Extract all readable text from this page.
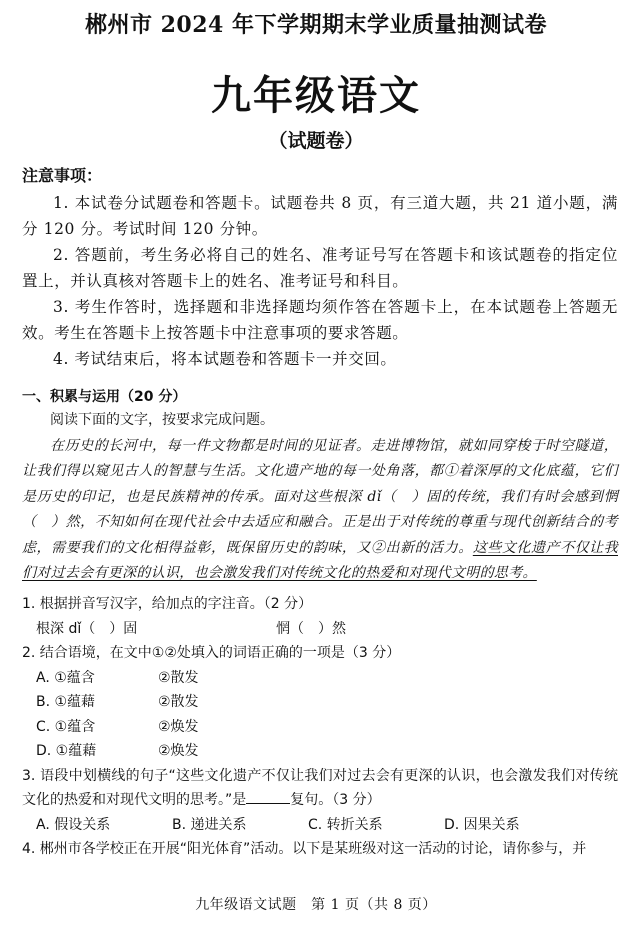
郴州市 2024 年下学期期末学业质量抽测试卷
九年级语文
（试题卷）
注意事项：

1. 本试卷分试题卷和答题卡。试题卷共 8 页，有三道大题，共 21 道小题，满分 120 分。考试时间 120 分钟。

2. 答题前，考生务必将自己的姓名、准考证号写在答题卡和该试题卷的指定位置上，并认真核对答题卡上的姓名、准考证号和科目。

3. 考生作答时，选择题和非选择题均须作答在答题卡上，在本试题卷上答题无效。考生在答题卡上按答题卡中注意事项的要求答题。

4. 考试结束后，将本试题卷和答题卡一并交回。

一、积累与运用（20 分）

阅读下面的文字，按要求完成问题。

在历史的长河中，每一件文物都是时间的见证者。走进博物馆，就如同穿梭于时空隧道，让我们得以窥见古人的智慧与生活。文化遗产地的每一处角落，都①着深厚的文化底蕴，它们是历史的印记，也是民族精神的传承。面对这些根深 dǐ（　）固的传统，我们有时会感到惘（　）然，不知如何在现代社会中去适应和融合。正是出于对传统的尊重与现代创新结合的考虑，需要我们的文化相得益彰，既保留历史的韵味，又②出新的活力。这些文化遗产不仅让我们对过去会有更深的认识，也会激发我们对传统文化的热爱和对现代文明的思考。

1. 根据拼音写汉字，给加点的字注音。（2 分）

根深 dǐ（　）固	惘（　）然

2. 结合语境，在文中①②处填入的词语正确的一项是（3 分）

A. ①蕴含	②散发
B. ①蕴藉	②散发
C. ①蕴含	②焕发
D. ①蕴藉	②焕发

3. 语段中划横线的句子“这些文化遗产不仅让我们对过去会有更深的认识，也会激发我们对传统文化的热爱和对现代文明的思考。”是	复句。（3 分）

A. 假设关系	B. 递进关系	C. 转折关系	D. 因果关系

4. 郴州市各学校正在开展“阳光体育”活动。以下是某班级对这一活动的讨论，请你参与，并

九年级语文试题　第 1 页（共 8 页）
